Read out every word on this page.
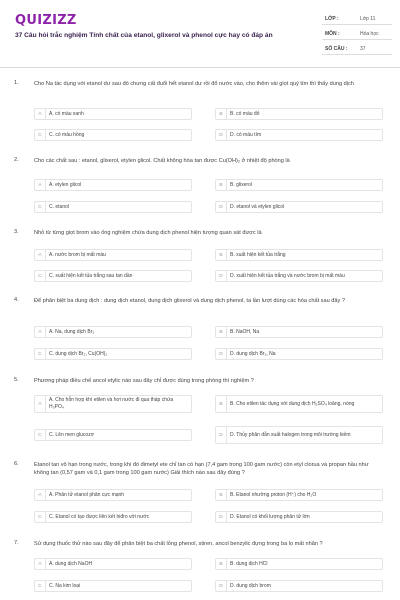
QUIZIZZ
37 Câu hỏi trắc nghiệm Tính chất của etanol, glixerol và phenol cực hay có đáp án
LỚP :	Lớp 11
MÔN :	Hóa học
SỐ CÂU :	37
1.	Cho Na tác dụng với etanol dư sau đó chưng cất đuổi hết etanol dư rồi đổ nước vào, cho thêm vài giọt quỳ tím thì thấy dung dịch
A	A. có màu xanh	B	B. có màu đỏ
C	C. có màu hồng	D	D. có màu tím
2.	Cho các chất sau : etanol, glixerol, etylen glicol. Chất không hòa tan được Cu(OH)₂ ở nhiệt độ phòng là
A	A. etylen glicol	B	B. glixerol
C	C. etanol	D	D. etanol và etylen glicol
3.	Nhỏ từ từng giọt brom vào ống nghiệm chứa dung dịch phenol hiện tượng quan sát được là
A	A. nước brom bị mất màu	B	B. xuất hiện kết tủa trắng
C	C. xuất hiện kết tủa trắng sau tan dần	D	D. xuất hiện kết tủa trắng và nước brom bị mất màu
4.	Để phân biệt ba dung dịch : dung dịch etanol, dung dịch glixerol và dung dịch phenol, ta lần lượt dùng các hóa chất sau đây ?
A	A. Na, dung dịch Br₂	B	B. NaOH, Na
C	C. dung dịch Br₂, Cu(OH)₂	D	D. dung dịch Br₂, Na
5.	Phương pháp điều chế ancol etylic nào sau đây chỉ được dùng trong phòng thí nghiệm ?
A
A. Cho hỗn hợp khí etilen và hơi nước đi qua tháp chứa H₃PO₄	B	B. Cho etilen tác dụng với dung dịch H₂SO₄ loãng, nóng
C	C. Lên men glucozơ	D	D. Thủy phân dẫn xuất halogen trong môi trường kiềm
6.	Etanol tan vô hạn trong nước, trong khi đó đimetyl ete chỉ tan có hạn (7,4 gam trong 100 gam nước) còn etyl clorua và propan hầu như không tan (0,57 gam và 0,1 gam trong 100 gam nước) Giải thích nào sau đây đúng ?
A	A. Phân tử etanol phân cực mạnh	B	B. Etanol nhường proton (H⁺) cho H₂O
C	C. Etanol có tạo được liên kết hiđro với nước	D	D. Etanol có khối lượng phân tử lớn
7.	Sử dụng thuốc thử nào sau đây để phân biệt ba chất lỏng phenol, stiren, ancol benzylic đựng trong ba lọ mất nhãn ?
A	A. dung dịch NaOH	B	B. dung dịch HCl
C	C. Na kim loại	D	D. dung dịch brom
